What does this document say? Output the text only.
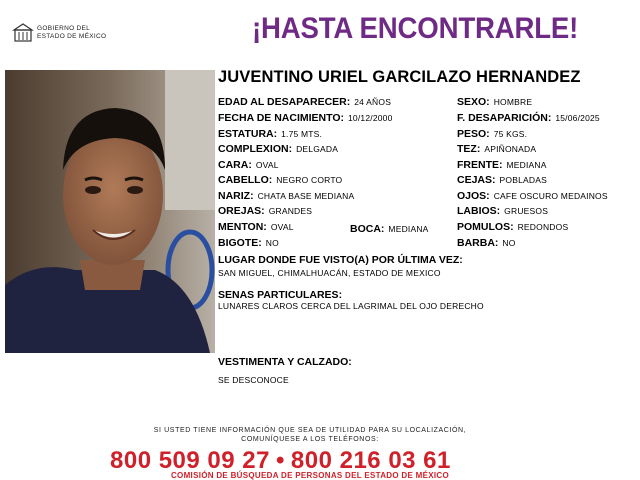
GOBIERNO DEL
ESTADO DE MÉXICO	¡HASTA ENCONTRARLE!
JUVENTINO URIEL GARCILAZO HERNANDEZ
EDAD AL DESAPARECER: 24 AÑOS
FECHA DE NACIMIENTO: 10/12/2000
ESTATURA: 1.75 MTS.
COMPLEXION: DELGADA
CARA: OVAL
CABELLO: NEGRO CORTO
NARIZ: CHATA BASE MEDIANA
OREJAS: GRANDES
MENTON: OVAL	BOCA: MEDIANA
BIGOTE: NO
SEXO: HOMBRE
F. DESAPARICIÓN: 15/06/2025
PESO: 75 KGS.
TEZ: APIÑONADA
FRENTE: MEDIANA
CEJAS: POBLADAS
OJOS: CAFE OSCURO MEDAINOS
LABIOS: GRUESOS
POMULOS: REDONDOS
BARBA: NO
LUGAR DONDE FUE VISTO(A) POR ÚLTIMA VEZ:
SAN MIGUEL, CHIMALHUACÁN, ESTADO DE MEXICO
SENAS PARTICULARES:
LUNARES CLAROS CERCA DEL LAGRIMAL DEL OJO DERECHO
VESTIMENTA Y CALZADO:
SE DESCONOCE
SI USTED TIENE INFORMACIÓN QUE SEA DE UTILIDAD PARA SU LOCALIZACIÓN,
COMUNÍQUESE A LOS TELÉFONOS:
800 509 09 27 • 800 216 03 61
COMISIÓN DE BÚSQUEDA DE PERSONAS DEL ESTADO DE MÉXICO
